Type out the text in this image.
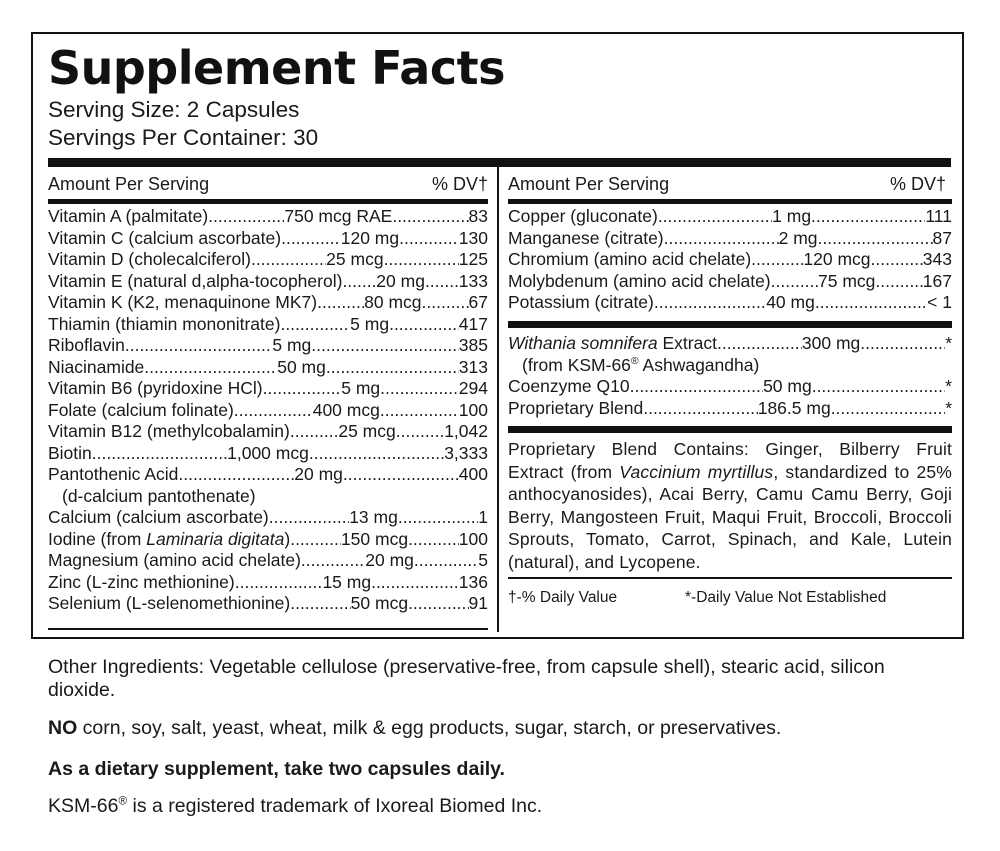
Supplement Facts
Serving Size: 2 Capsules
Servings Per Container: 30
Amount Per Serving	% DV† Amount Per Serving	% DV†
Vitamin A (palmitate) .....	750 mcg RAE .....	83
Vitamin C (calcium ascorbate) .....	120 mg .....	130
Vitamin D (cholecalciferol) .....	25 mcg .....	125
Vitamin E (natural d,alpha-tocopherol) ..... 20 mg ..... 133
Vitamin K (K2, menaquinone MK7) .....	80 mcg .....	67
Thiamin (thiamin mononitrate) .....	5 mg .....	417
Riboflavin .....	5 mg .....	385
Niacinamide .....	50 mg .....	313
Vitamin B6 (pyridoxine HCl) .....	5 mg .....	294
Folate (calcium folinate) .....	400 mcg .....	100
Vitamin B12 (methylcobalamin) .....	25 mcg .....	1,042
Biotin .....	1,000 mcg .....	3,333
Pantothenic Acid .....	20 mg .....	400
(d-calcium pantothenate)
Calcium (calcium ascorbate) .....	13 mg .....	1
Iodine (from Laminaria digitata) .....	150 mcg .....	100
Magnesium (amino acid chelate) .....	20 mg .....	5
Zinc (L-zinc methionine) .....	15 mg .....	136
Selenium (L-selenomethionine) .....	50 mcg .....	91
Copper (gluconate) .....	1 mg .....	111
Manganese (citrate) .....	2 mg .....	87
Chromium (amino acid chelate) .....	120 mcg .....	343
Molybdenum (amino acid chelate) .....	75 mcg .....	167
Potassium (citrate) .....	40 mg .....	< 1
Withania somnifera Extract .....	300 mg .....	*
(from KSM-66® Ashwagandha)
Coenzyme Q10 .....	50 mg .....	*
Proprietary Blend .....	186.5 mg .....	*
Proprietary Blend Contains: Ginger, Bilberry Fruit Extract (from Vaccinium myrtillus, standardized to 25% anthocyanosides), Acai Berry, Camu Camu Berry, Goji Berry, Mangosteen Fruit, Maqui Fruit, Broccoli, Broccoli Sprouts, Tomato, Carrot, Spinach, and Kale, Lutein (natural), and Lycopene.
†-% Daily Value	*-Daily Value Not Established
Other Ingredients: Vegetable cellulose (preservative-free, from capsule shell), stearic acid, silicon dioxide.
NO corn, soy, salt, yeast, wheat, milk & egg products, sugar, starch, or preservatives.
As a dietary supplement, take two capsules daily.
KSM-66® is a registered trademark of Ixoreal Biomed Inc.
